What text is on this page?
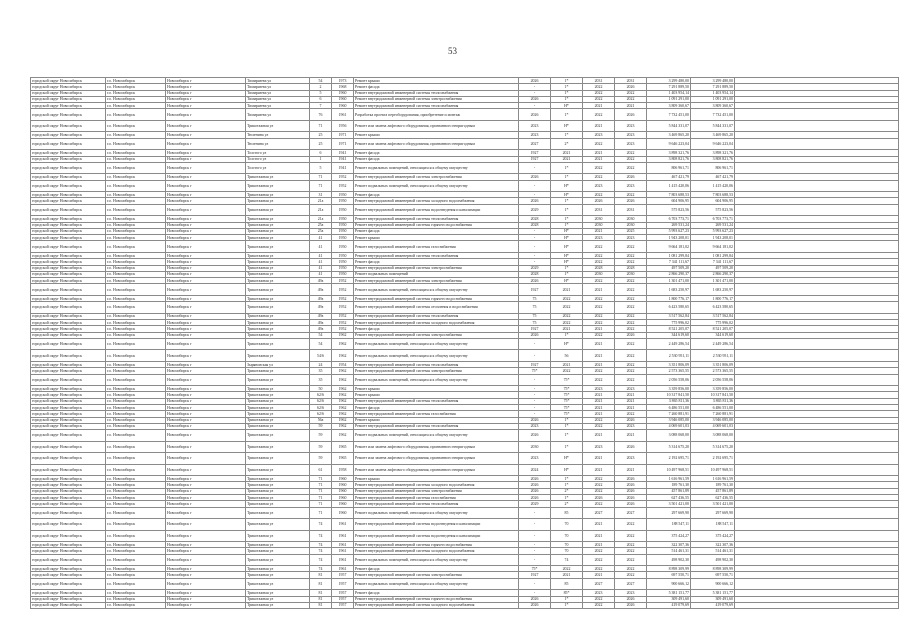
53
городской округ Новосибирск	г.о. Новосибирск	Новосибирск г	Тимирязева ул	54	1973	Ремонт крыши	2026	1*	2031	2031	3 299 480,00	3 299 480,00	
городской округ Новосибирск	г.о. Новосибирск	Новосибирск г	Тимирязева ул	2	1968	Ремонт фасада	-	1*	2022	2026	7 291 889,50	7 291 889,50	
городской округ Новосибирск	г.о. Новосибирск	Новосибирск г	Тимирязева ул	5	1960	Ремонт внутридомовой инженерной системы теплоснабжения	-	1*	2022	2022	1 403 954,14	1 403 954,14	
городской округ Новосибирск	г.о. Новосибирск	Новосибирск г	Тимирязева ул	6	1960	Ремонт внутридомовой инженерной системы электроснабжения	2026	1*	2022	2022	1 091 291,00	1 091 291,00	
городской округ Новосибирск	г.о. Новосибирск	Новосибирск г	Тимирязева ул	7	1960	Ремонт внутридомовой инженерной системы теплоснабжения	-	Н*	2021	2021	3 809 360,67	3 809 360,67	
городской округ Новосибирск	г.о. Новосибирск	Новосибирск г	Тимирязева ул	76	1961	Разработка проекта переоборудования, приобретение и монтаж	2026	1*	2022	2026	7 732 451,00	7 732 451,00	
городской округ Новосибирск	г.о. Новосибирск	Новосибирск г	Трикотажная ул	71	1956	Ремонт или замена лифтового оборудования, признанного непригодным	2023	Н*	2021	2023	5 844 331,07	5 844 331,07	
городской округ Новосибирск	г.о. Новосибирск	Новосибирск г	Тюленина ул	25	1971	Ремонт крыши	2023	1*	2023	2023	3 469 865,20	3 469 865,20	
городской округ Новосибирск	г.о. Новосибирск	Новосибирск г	Тюленина ул	25	1971	Ремонт или замена лифтового оборудования, признанного непригодным	2027	2*	2022	2023	9 646 223,04	9 646 223,04	
городской округ Новосибирск	г.о. Новосибирск	Новосибирск г	Толстого ул	6	1941	Ремонт фасада	1927	2021	2021	2022	3 898 321,76	3 898 321,76	
городской округ Новосибирск	г.о. Новосибирск	Новосибирск г	Толстого ул	1	1941	Ремонт фасада	1927	2021	2021	2022	3 808 821,76	3 808 821,76	
городской округ Новосибирск	г.о. Новосибирск	Новосибирск г	Толстого ул	5	1941	Ремонт подвальных помещений, относящихся к общему имуществу	-	1*	2022	2022	806 961,71	806 961,71	
городской округ Новосибирск	г.о. Новосибирск	Новосибирск г	Трикотажная ул	71	1952	Ремонт внутридомовой инженерной системы электроснабжения	2026	1*	2022	2026	467 421,79	467 421,79	
городской округ Новосибирск	г.о. Новосибирск	Новосибирск г	Трикотажная ул	71	1952	Ремонт подвальных помещений, относящихся к общему имуществу	-	Н*	2023	2023	1 415 420,06	1 415 420,06	
городской округ Новосибирск	г.о. Новосибирск	Новосибирск г	Трикотажная ул	31	1950	Ремонт фасада	-	Н*	2022	2022	7 803 688,53	7 803 688,53	
городской округ Новосибирск	г.о. Новосибирск	Новосибирск г	Трикотажная ул	21a	1950	Ремонт внутридомовой инженерной системы холодного водоснабжения	2026	1*	2026	2026	604 906,95	604 906,95	
городской округ Новосибирск	г.о. Новосибирск	Новосибирск г	Трикотажная ул	21a	1950	Ремонт внутридомовой инженерной системы водоотведения и канализации	2029	1*	2031	2031	575 823,56	575 823,56	
городской округ Новосибирск	г.о. Новосибирск	Новосибирск г	Трикотажная ул	21a	1950	Ремонт внутридомовой инженерной системы теплоснабжения	2028	1*	2030	2030	6 703 773,71	6 703 773,71	
городской округ Новосибирск	г.о. Новосибирск	Новосибирск г	Трикотажная ул	25a	1950	Ремонт внутридомовой инженерной системы горячего водоснабжения	2028	1*	2030	2030	269 531,24	269 531,24	
городской округ Новосибирск	г.о. Новосибирск	Новосибирск г	Трикотажная ул	25a	1950	Ремонт фасада	-	Н*	2021	2025	5 993 627,23	5 993 627,23	
городской округ Новосибирск	г.о. Новосибирск	Новосибирск г	Трикотажная ул	41	1950	Ремонт крыши	-	Н*	2023	2023	1 943 208,01	1 943 208,01	
городской округ Новосибирск	г.о. Новосибирск	Новосибирск г	Трикотажная ул	41	1950	Ремонт внутридомовой инженерной системы газоснабжения	-	Н*	2022	2022	9 664 181,02	9 664 181,02	
городской округ Новосибирск	г.о. Новосибирск	Новосибирск г	Трикотажная ул	41	1950	Ремонт внутридомовой инженерной системы теплоснабжения	-	Н*	2022	2022	1 081 299,84	1 081 299,84	
городской округ Новосибирск	г.о. Новосибирск	Новосибирск г	Трикотажная ул	41	1950	Ремонт фасада	-	Н*	2022	2022	7 341 111,67	7 341 111,67	
городской округ Новосибирск	г.о. Новосибирск	Новосибирск г	Трикотажная ул	41	1950	Ремонт внутридомовой инженерной системы электроснабжения	2029	1*	2028	2028	497 509,20	497 509,20	
городской округ Новосибирск	г.о. Новосибирск	Новосибирск г	Трикотажная ул	41	1950	Ремонт подвальных помещений	2028	1*	2030	2030	2 866 290,37	2 866 290,37	
городской округ Новосибирск	г.о. Новосибирск	Новосибирск г	Трикотажная ул	49a	1952	Ремонт внутридомовой инженерной системы электроснабжения	2026	Н*	2022	2022	1 301 471,00	1 301 471,00	
городской округ Новосибирск	г.о. Новосибирск	Новосибирск г	Трикотажная ул	49a	1952	Ремонт подвальных помещений, относящихся к общему имуществу	1927	2021	2021	2022	1 683 250,97	1 683 250,97	
городской округ Новосибирск	г.о. Новосибирск	Новосибирск г	Трикотажная ул	49a	1952	Ремонт внутридомовой инженерной системы горячего водоснабжения	75	2022	2022	2022	1 800 776,17	1 800 776,17	
городской округ Новосибирск	г.о. Новосибирск	Новосибирск г	Трикотажная ул	49a	1952	Ремонт внутридомовой инженерной системы отопления и водоснабжения	75	2022	2022	2022	6 423 580,65	6 423 580,65	
городской округ Новосибирск	г.о. Новосибирск	Новосибирск г	Трикотажная ул	49a	1952	Ремонт внутридомовой инженерной системы теплоснабжения	75	2022	2022	2022	3 517 562,84	3 517 562,84	
городской округ Новосибирск	г.о. Новосибирск	Новосибирск г	Трикотажная ул	49a	1952	Ремонт внутридомовой инженерной системы холодного водоснабжения	75	2022	2022	2022	775 996,02	775 996,02	
городской округ Новосибирск	г.о. Новосибирск	Новосибирск г	Трикотажная ул	49a	1952	Ремонт фасада	1927	2021	2021	2022	8 521 205,07	8 521 205,07	
городской округ Новосибирск	г.о. Новосибирск	Новосибирск г	Трикотажная ул	54	1962	Ремонт внутридомовой инженерной системы электроснабжения	2026	1*	2022	2026	344 619,60	344 619,60	
городской округ Новосибирск	г.о. Новосибирск	Новосибирск г	Трикотажная ул	54	1962	Ремонт подвальных помещений, относящихся к общему имуществу	-	Н*	2021	2022	2 449 286,54	2 449 286,54	
городской округ Новосибирск	г.о. Новосибирск	Новосибирск г	Трикотажная ул	54/6	1962	Ремонт подвальных помещений, относящихся к общему имуществу	-	56	2021	2022	2 530 951,11	2 530 951,11	
городской округ Новосибирск	г.о. Новосибирск	Новосибирск г	Зыряновская ул	24	1954	Ремонт внутридомовой инженерной системы теплоснабжения	1927	2021	2021	2022	3 351 806,09	3 351 806,09	
городской округ Новосибирск	г.о. Новосибирск	Новосибирск г	Трикотажная ул	35	1962	Ремонт внутридомовой инженерной системы электроснабжения	75*	2022	2022	2022	2 573 365,55	2 573 365,55	
городской округ Новосибирск	г.о. Новосибирск	Новосибирск г	Трикотажная ул	35	1962	Ремонт подвальных помещений, относящихся к общему имуществу	-	75*	2022	2022	2 056 558,06	2 056 558,06	
городской округ Новосибирск	г.о. Новосибирск	Новосибирск г	Трикотажная ул	50	1962	Ремонт крыши	-	75*	2023	2023	3 359 856,00	3 359 856,00	
городской округ Новосибирск	г.о. Новосибирск	Новосибирск г	Трикотажная ул	62/6	1962	Ремонт крыши	-	75*	2021	2021	10 317 841,50	10 317 841,50	
городской округ Новосибирск	г.о. Новосибирск	Новосибирск г	Трикотажная ул	62/6	1962	Ремонт внутридомовой инженерной системы теплоснабжения	-	75*	2021	2021	3 865 811,36	3 865 811,36	
городской округ Новосибирск	г.о. Новосибирск	Новосибирск г	Трикотажная ул	62/6	1962	Ремонт фасада	-	75*	2021	2021	6 486 551,00	6 486 551,00	
городской округ Новосибирск	г.о. Новосибирск	Новосибирск г	Трикотажная ул	62/6	1962	Ремонт внутридомовой инженерной системы газоснабжения	-	75*	2021	2022	7 260 881,91	7 260 881,91	
городской округ Новосибирск	г.о. Новосибирск	Новосибирск г	Трикотажная ул	56a	1962	Ремонт крыши	2026	1*	2022	2026	3 946 085,00	3 946 085,00	
городской округ Новосибирск	г.о. Новосибирск	Новосибирск г	Трикотажная ул	59	1962	Ремонт внутридомовой инженерной системы теплоснабжения	2023	1*	2022	2023	4 069 601,03	4 069 601,03	
городской округ Новосибирск	г.о. Новосибирск	Новосибирск г	Трикотажная ул	59	1962	Ремонт подвальных помещений, относящихся к общему имуществу	2026	1*	2021	2021	3 088 068,00	3 088 068,00	
городской округ Новосибирск	г.о. Новосибирск	Новосибирск г	Трикотажная ул	59	1965	Ремонт или замена лифтового оборудования, признанного непригодным	2030	1*	2023	2026	5 314 675,20	5 314 675,20	
городской округ Новосибирск	г.о. Новосибирск	Новосибирск г	Трикотажная ул	59	1965	Ремонт или замена лифтового оборудования, признанного непригодным	2023	Н*	2021	2023	2 192 695,71	2 192 695,71	
городской округ Новосибирск	г.о. Новосибирск	Новосибирск г	Трикотажная ул	61	1958	Ремонт или замена лифтового оборудования, признанного непригодным	2024	Н*	2021	2021	10 497 968,51	10 497 968,51	
городской округ Новосибирск	г.о. Новосибирск	Новосибирск г	Трикотажная ул	71	1960	Ремонт крыши	2026	1*	2022	2026	1 616 961,59	1 616 961,59	
городской округ Новосибирск	г.о. Новосибирск	Новосибирск г	Трикотажная ул	71	1960	Ремонт внутридомовой инженерной системы холодного водоснабжения	2026	1*	2022	2026	189 761,30	189 761,30	
городской округ Новосибирск	г.о. Новосибирск	Новосибирск г	Трикотажная ул	71	1960	Ремонт внутридомовой инженерной системы электроснабжения	2026	2*	2022	2026	457 861,89	457 861,89	
городской округ Новосибирск	г.о. Новосибирск	Новосибирск г	Трикотажная ул	71	1960	Ремонт внутридомовой инженерной системы газоснабжения	2026	1*	2026	2026	627 436,55	627 436,55	
городской округ Новосибирск	г.о. Новосибирск	Новосибирск г	Трикотажная ул	71	1960	Ремонт внутридомовой инженерной системы теплоснабжения	2029	2*	2022	2026	3 501 421,00	3 501 421,00	
городской округ Новосибирск	г.о. Новосибирск	Новосибирск г	Трикотажная ул	71	1960	Ремонт подвальных помещений, относящихся к общему имуществу	-	85	2027	2027	297 669,90	297 669,90	
городской округ Новосибирск	г.о. Новосибирск	Новосибирск г	Трикотажная ул	74	1961	Ремонт внутридомовой инженерной системы водоотведения и канализации	-	70	2021	2022	188 547,11	188 547,11	
городской округ Новосибирск	г.о. Новосибирск	Новосибирск г	Трикотажная ул	74	1961	Ремонт внутридомовой инженерной системы водоотведения и канализации	-	70	2021	2022	375 424,27	375 424,27	
городской округ Новосибирск	г.о. Новосибирск	Новосибирск г	Трикотажная ул	74	1961	Ремонт внутридомовой инженерной системы горячего водоснабжения	-	70	2021	2022	322 307,36	322 307,36	
городской округ Новосибирск	г.о. Новосибирск	Новосибирск г	Трикотажная ул	74	1961	Ремонт внутридомовой инженерной системы холодного водоснабжения	-	70	2022	2022	514 461,31	514 461,31	
городской округ Новосибирск	г.о. Новосибирск	Новосибирск г	Трикотажная ул	74	1961	Ремонт подвальных помещений, относящихся к общему имуществу	-	74	2022	2022	498 902,30	498 902,30	
городской округ Новосибирск	г.о. Новосибирск	Новосибирск г	Трикотажная ул	74	1961	Ремонт фасада	75*	2022	2022	2022	8 898 309,99	8 898 309,99	
городской округ Новосибирск	г.о. Новосибирск	Новосибирск г	Трикотажная ул	81	1957	Ремонт внутридомовой инженерной системы электроснабжения	1927	2021	2021	2022	697 550,71	697 550,71	
городской округ Новосибирск	г.о. Новосибирск	Новосибирск г	Трикотажная ул	81	1957	Ремонт подвальных помещений, относящихся к общему имуществу	-	85	2027	2027	900 666,12	900 666,12	
городской округ Новосибирск	г.о. Новосибирск	Новосибирск г	Трикотажная ул	81	1957	Ремонт фасада	-	85*	2023	2023	5 381 151,77	5 381 151,77	
городской округ Новосибирск	г.о. Новосибирск	Новосибирск г	Трикотажная ул	81	1957	Ремонт внутридомовой инженерной системы горячего водоснабжения	2026	1*	2022	2026	309 491,60	309 491,60	
городской округ Новосибирск	г.о. Новосибирск	Новосибирск г	Трикотажная ул	81	1957	Ремонт внутридомовой инженерной системы холодного водоснабжения	2026	1*	2022	2026	419 079,69	419 079,69	
